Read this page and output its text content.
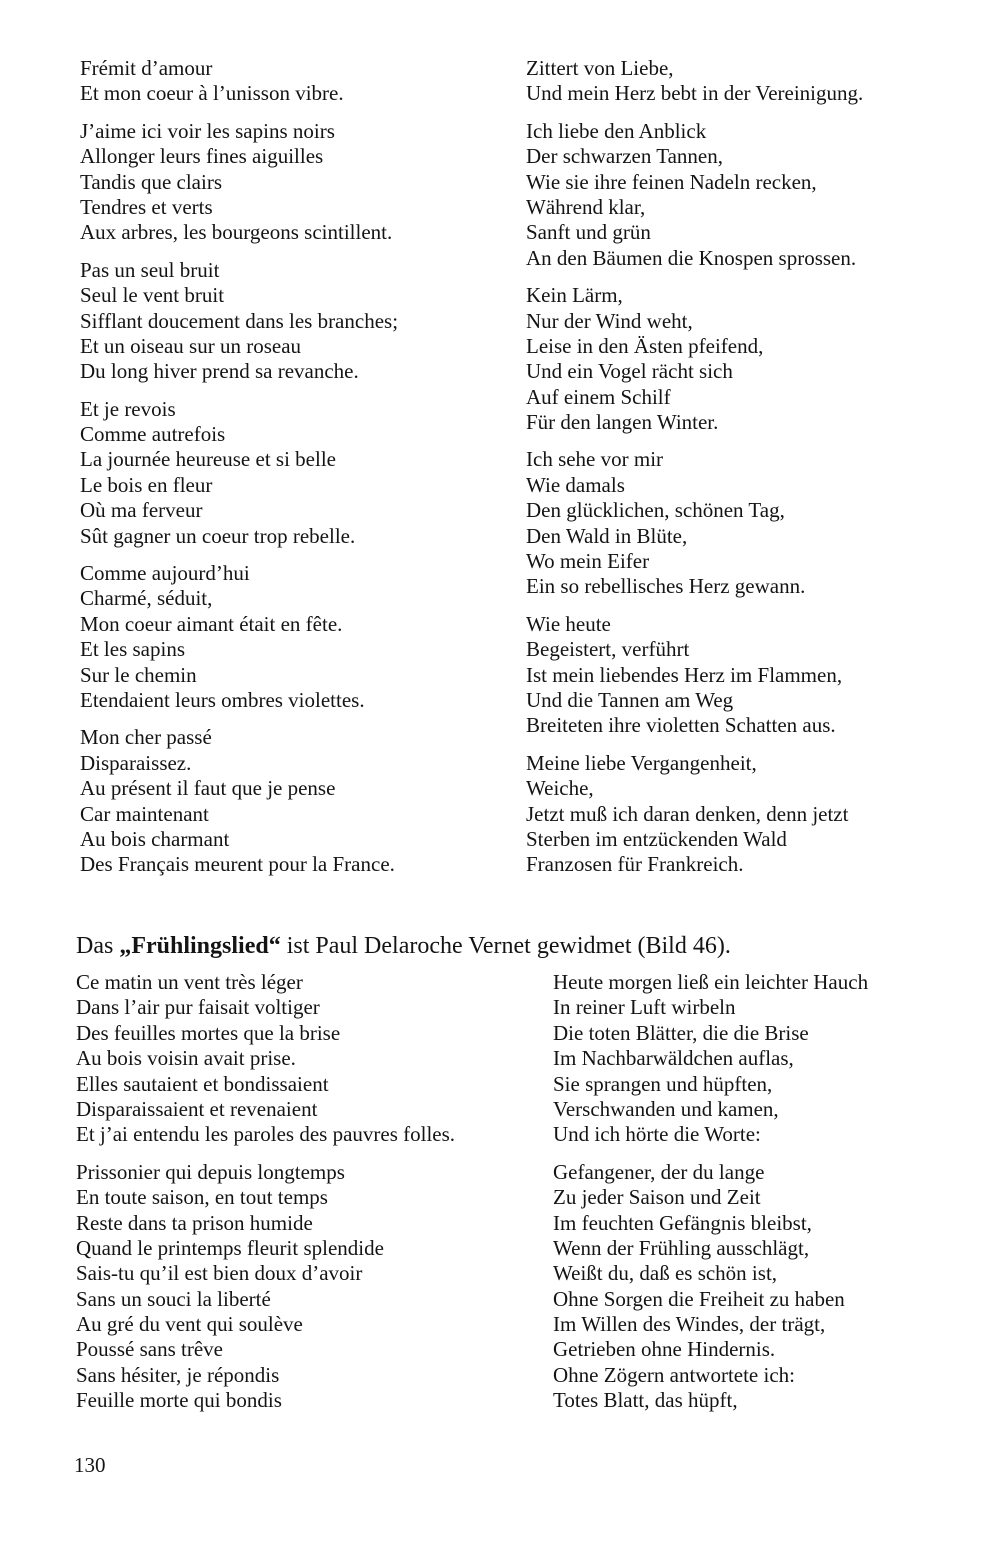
Frémit d’amour
Et mon coeur à l’unisson vibre.
J’aime ici voir les sapins noirs
Allonger leurs fines aiguilles
Tandis que clairs
Tendres et verts
Aux arbres, les bourgeons scintillent.
Pas un seul bruit
Seul le vent bruit
Sifflant doucement dans les branches;
Et un oiseau sur un roseau
Du long hiver prend sa revanche.
Et je revois
Comme autrefois
La journée heureuse et si belle
Le bois en fleur
Où ma ferveur
Sût gagner un coeur trop rebelle.
Comme aujourd’hui
Charmé, séduit,
Mon coeur aimant était en fête.
Et les sapins
Sur le chemin
Etendaient leurs ombres violettes.
Mon cher passé
Disparaissez.
Au présent il faut que je pense
Car maintenant
Au bois charmant
Des Français meurent pour la France.
Zittert von Liebe,
Und mein Herz bebt in der Vereinigung.
Ich liebe den Anblick
Der schwarzen Tannen,
Wie sie ihre feinen Nadeln recken,
Während klar,
Sanft und grün
An den Bäumen die Knospen sprossen.
Kein Lärm,
Nur der Wind weht,
Leise in den Ästen pfeifend,
Und ein Vogel rächt sich
Auf einem Schilf
Für den langen Winter.
Ich sehe vor mir
Wie damals
Den glücklichen, schönen Tag,
Den Wald in Blüte,
Wo mein Eifer
Ein so rebellisches Herz gewann.
Wie heute
Begeistert, verführt
Ist mein liebendes Herz im Flammen,
Und die Tannen am Weg
Breiteten ihre violetten Schatten aus.
Meine liebe Vergangenheit,
Weiche,
Jetzt muß ich daran denken, denn jetzt
Sterben im entzückenden Wald
Franzosen für Frankreich.
Das „Frühlingslied“ ist Paul Delaroche Vernet gewidmet (Bild 46).
Ce matin un vent très léger
Dans l’air pur faisait voltiger
Des feuilles mortes que la brise
Au bois voisin avait prise.
Elles sautaient et bondissaient
Disparaissaient et revenaient
Et j’ai entendu les paroles des pauvres folles.
Prissonier qui depuis longtemps
En toute saison, en tout temps
Reste dans ta prison humide
Quand le printemps fleurit splendide
Sais-tu qu’il est bien doux d’avoir
Sans un souci la liberté
Au gré du vent qui soulève
Poussé sans trêve
Sans hésiter, je répondis
Feuille morte qui bondis
Heute morgen ließ ein leichter Hauch
In reiner Luft wirbeln
Die toten Blätter, die die Brise
Im Nachbarwäldchen auflas,
Sie sprangen und hüpften,
Verschwanden und kamen,
Und ich hörte die Worte:
Gefangener, der du lange
Zu jeder Saison und Zeit
Im feuchten Gefängnis bleibst,
Wenn der Frühling ausschlägt,
Weißt du, daß es schön ist,
Ohne Sorgen die Freiheit zu haben
Im Willen des Windes, der trägt,
Getrieben ohne Hindernis.
Ohne Zögern antwortete ich:
Totes Blatt, das hüpft,
130
